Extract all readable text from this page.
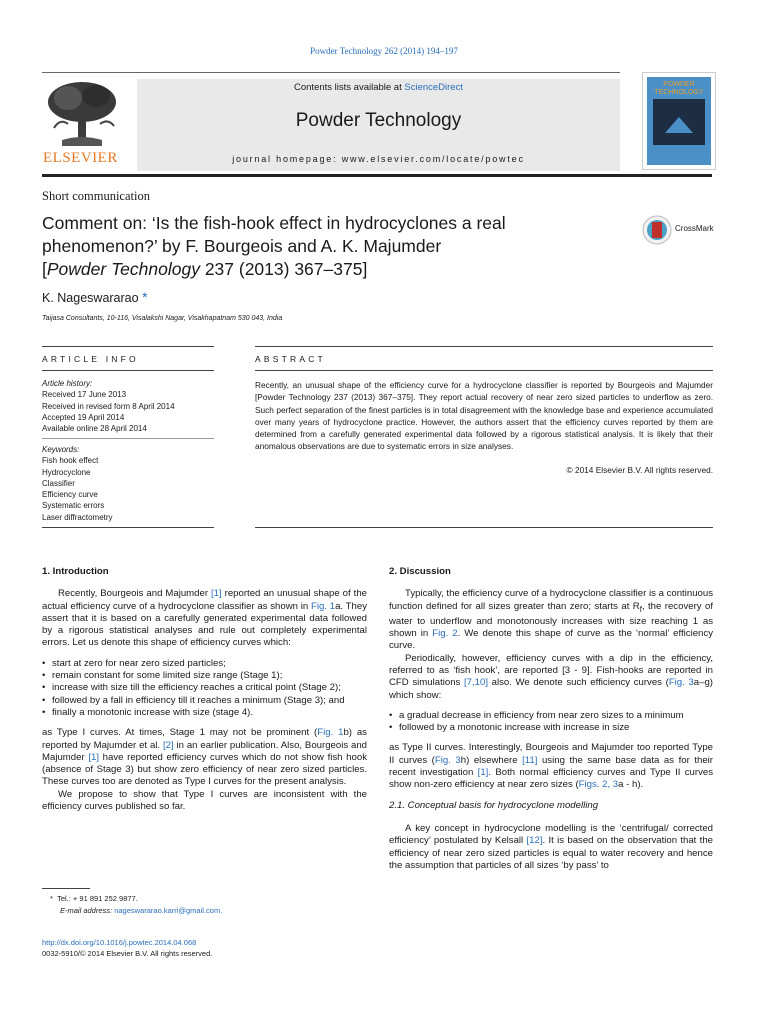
Powder Technology 262 (2014) 194–197
ELSEVIER
Contents lists available at ScienceDirect
Powder Technology
journal homepage: www.elsevier.com/locate/powtec
POWDER TECHNOLOGY
Short communication
Comment on: ‘Is the fish-hook effect in hydrocyclones a real
phenomenon?’ by F. Bourgeois and A. K. Majumder
[Powder Technology 237 (2013) 367–375]
CrossMark
K. Nageswararao *
Taijasa Consultants, 10-116, Visalakshi Nagar, Visakhapatnam 530 043, India
ARTICLE INFO	ABSTRACT
Article history:
Received 17 June 2013
Received in revised form 8 April 2014
Accepted 19 April 2014
Available online 28 April 2014
Keywords:
Fish hook effect
Hydrocyclone
Classifier
Efficiency curve
Systematic errors
Laser diffractometry
Recently, an unusual shape of the efficiency curve for a hydrocyclone classifier is reported by Bourgeois and Majumder [Powder Technology 237 (2013) 367–375]. They report actual recovery of near zero sized particles to underflow as zero. Such perfect separation of the finest particles is in total disagreement with the knowledge base and experience accumulated over many years of hydrocyclone practice. However, the authors assert that the efficiency curves reported by them are determined from a carefully generated experimental data followed by a rigorous statistical analysis. It is likely that their anomalous observations are due to systematic errors in size analyses.
© 2014 Elsevier B.V. All rights reserved.
1. Introduction

Recently, Bourgeois and Majumder [1] reported an unusual shape of the actual efficiency curve of a hydrocyclone classifier as shown in Fig. 1a. They assert that it is based on a carefully generated experimental data followed by a rigorous statistical analyses and rule out completely experimental errors. Let us denote this shape of efficiency curves which:

• start at zero for near zero sized particles;
• remain constant for some limited size range (Stage 1);
• increase with size till the efficiency reaches a critical point (Stage 2);
• followed by a fall in efficiency till it reaches a minimum (Stage 3); and
• finally a monotonic increase with size (stage 4).

as Type I curves. At times, Stage 1 may not be prominent (Fig. 1b) as reported by Majumder et al. [2] in an earlier publication. Also, Bourgeois and Majumder [1] have reported efficiency curves which do not show fish hook (absence of Stage 3) but show zero efficiency of near zero sized particles. These curves too are denoted as Type I curves for the present analysis.

We propose to show that Type I curves are inconsistent with the efficiency curves published so far.

2. Discussion

Typically, the efficiency curve of a hydrocyclone classifier is a continuous function defined for all sizes greater than zero; starts at $R_f$, the recovery of water to underflow and monotonously increases with size reaching 1 as shown in Fig. 2. We denote this shape of curve as the ‘normal’ efficiency curve.

Periodically, however, efficiency curves with a dip in the efficiency, referred to as ‘fish hook’, are reported [3 - 9]. Fish-hooks are reported in CFD simulations [7,10] also. We denote such efficiency curves (Fig. 3a–g) which show:

• a gradual decrease in efficiency from near zero sizes to a minimum
• followed by a monotonic increase with increase in size

as Type II curves. Interestingly, Bourgeois and Majumder too reported Type II curves (Fig. 3h) elsewhere [11] using the same base data as for their recent investigation [1]. Both normal efficiency curves and Type II curves show non-zero efficiency at near zero sizes (Figs. 2, 3a - h).

2.1. Conceptual basis for hydrocyclone modelling

A key concept in hydrocyclone modelling is the ‘centrifugal/ corrected efficiency’ postulated by Kelsall [12]. It is based on the observation that the efficiency of near zero sized particles is equal to water recovery and hence the assumption that particles of all sizes ‘by pass’ to

* Tel.: + 91 891 252 9877.
E-mail address: nageswararao.karri@gmail.com.
http://dx.doi.org/10.1016/j.powtec.2014.04.068
0032-5910/© 2014 Elsevier B.V. All rights reserved.
